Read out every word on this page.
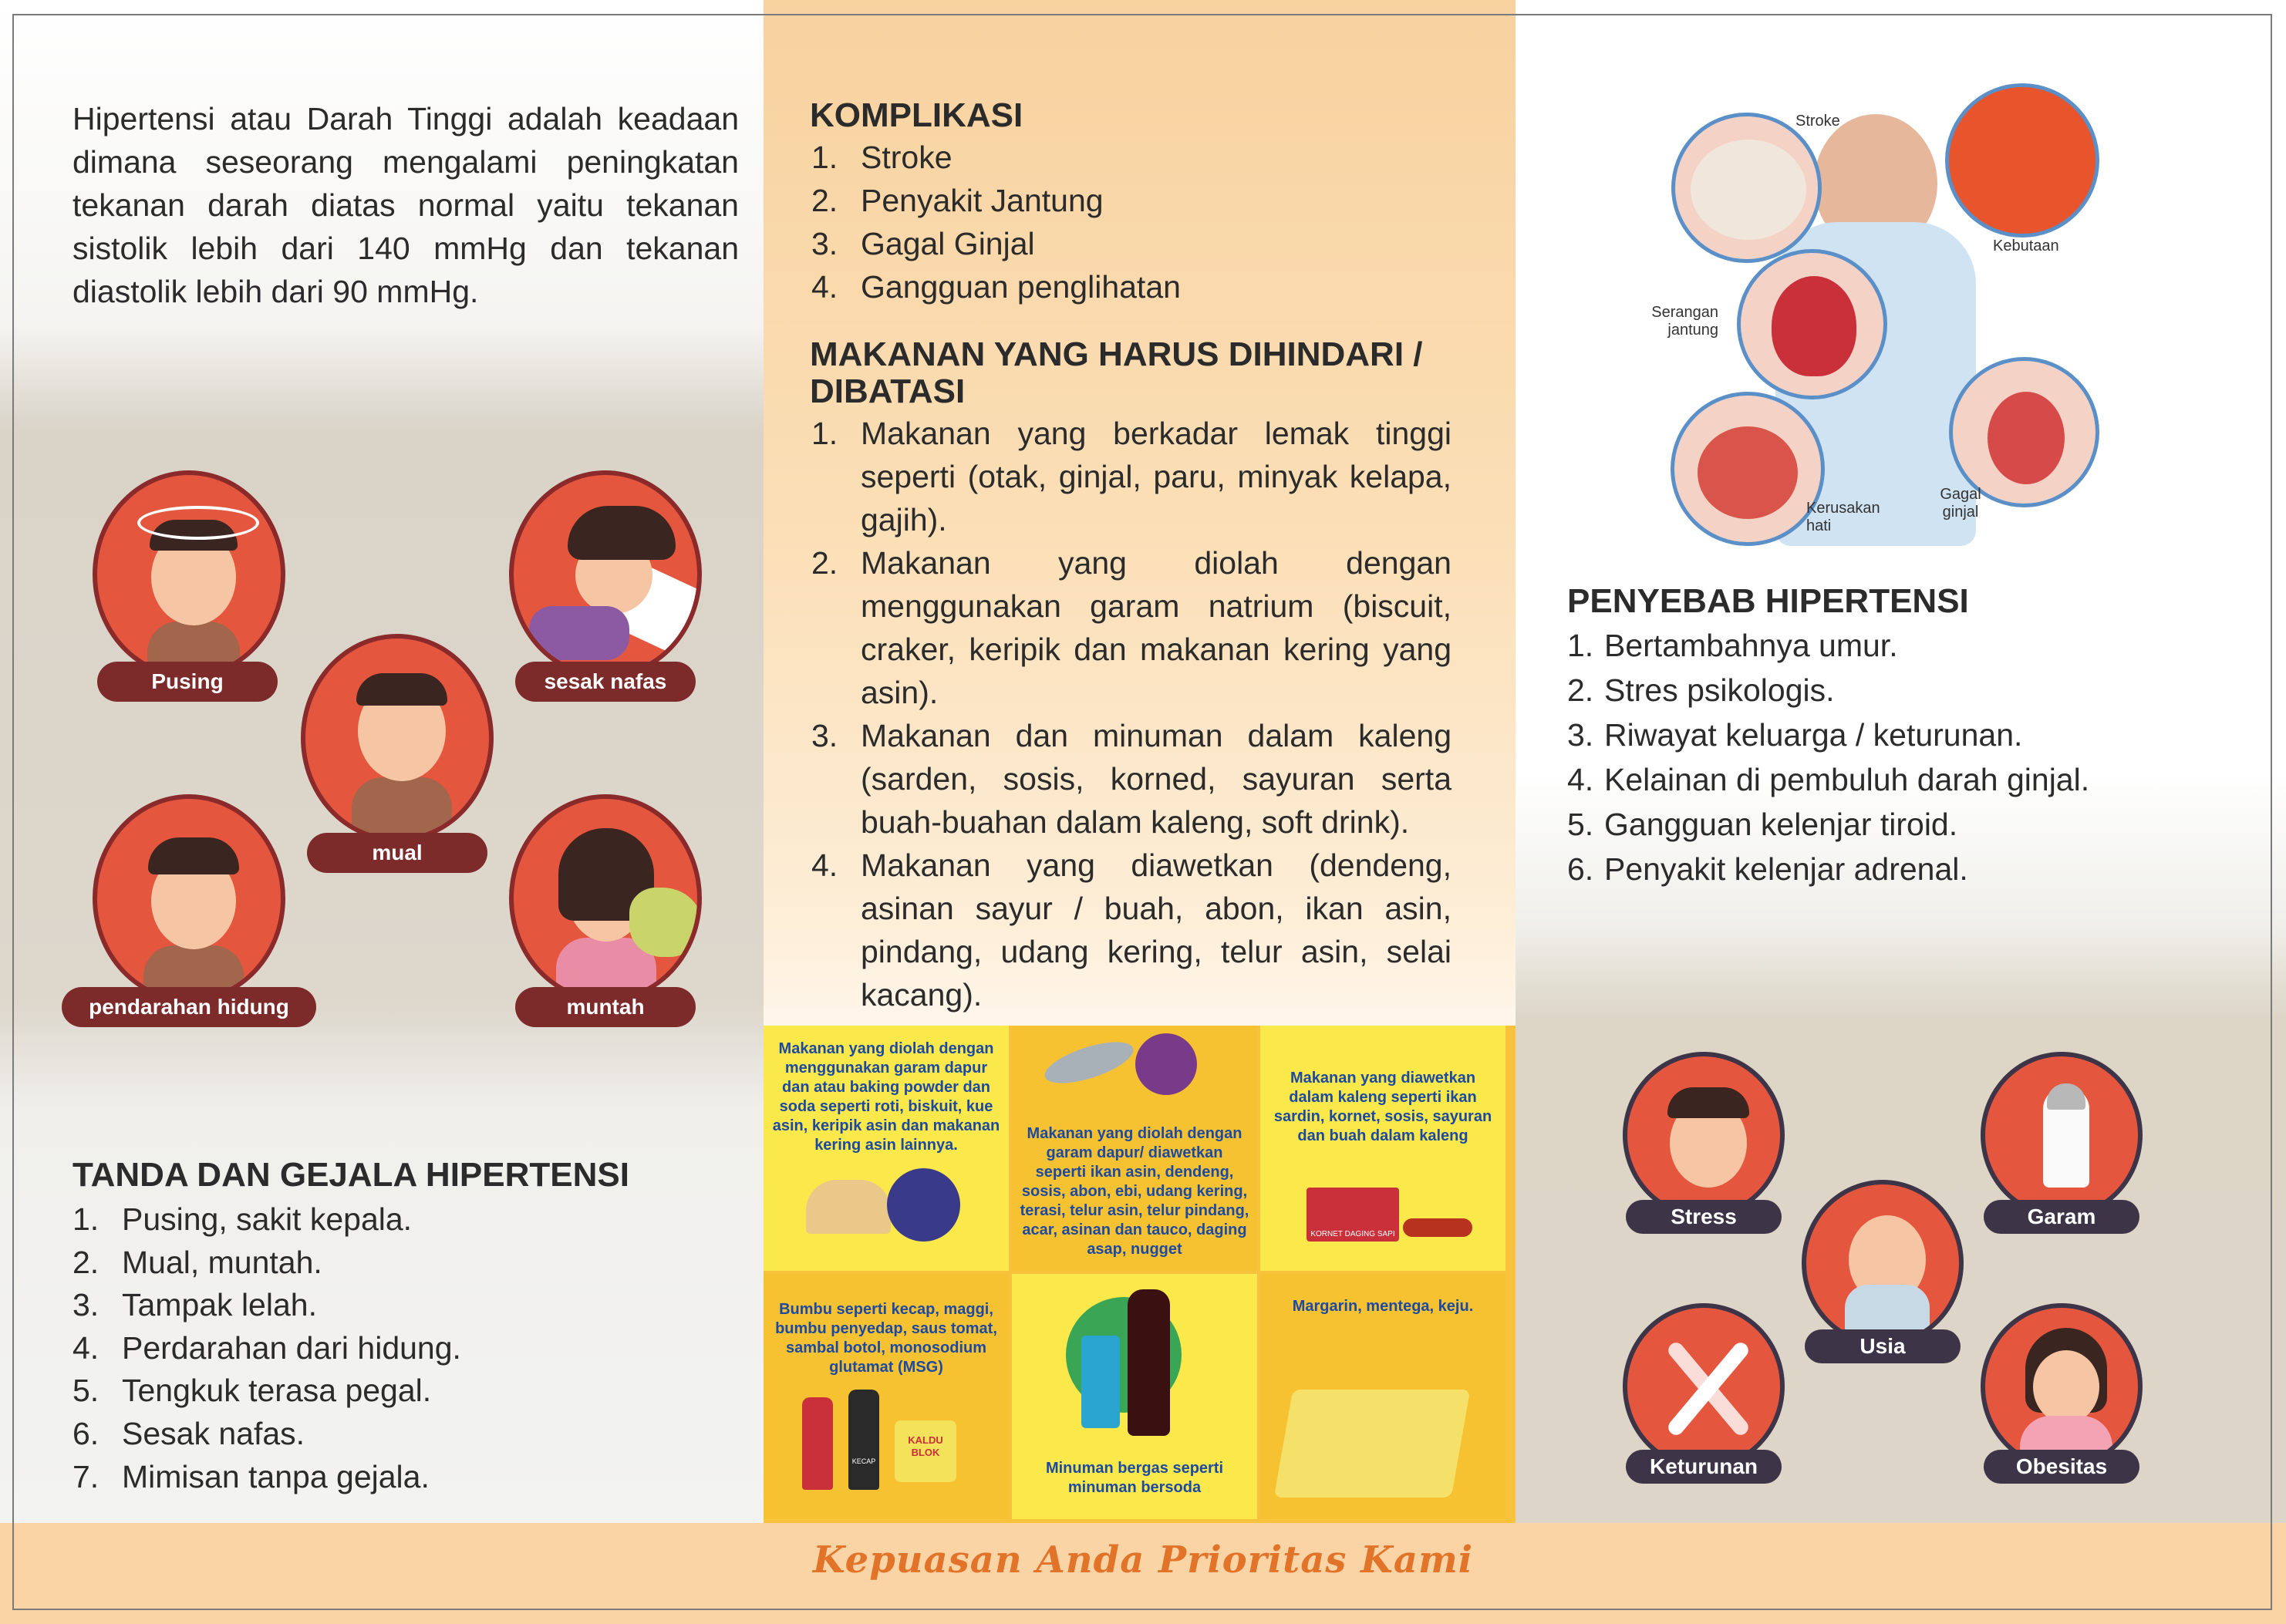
Hipertensi atau Darah Tinggi adalah keadaan dimana seseorang mengalami peningkatan tekanan darah diatas normal yaitu tekanan sistolik lebih dari 140 mmHg dan tekanan diastolik lebih dari 90 mmHg.
Pusing	sesak nafas
mual
pendarahan hidung	muntah
TANDA DAN GEJALA HIPERTENSI
1. Pusing, sakit kepala.
2. Mual, muntah.
3. Tampak lelah.
4. Perdarahan dari hidung.
5. Tengkuk terasa pegal.
6. Sesak nafas.
7. Mimisan tanpa gejala.
KOMPLIKASI
1. Stroke
2. Penyakit Jantung
3. Gagal Ginjal
4. Gangguan penglihatan
MAKANAN YANG HARUS DIHINDARI / DIBATASI
1. Makanan yang berkadar lemak tinggi seperti (otak, ginjal, paru, minyak kelapa, gajih).
2. Makanan yang diolah dengan menggunakan garam natrium (biscuit, craker, keripik dan makanan kering yang asin).
3. Makanan dan minuman dalam kaleng (sarden, sosis, korned, sayuran serta buah-buahan dalam kaleng, soft drink).
4. Makanan yang diawetkan (dendeng, asinan sayur / buah, abon, ikan asin, pindang, udang kering, telur asin, selai kacang).
Makanan yang diolah dengan menggunakan garam dapur dan atau baking powder dan soda seperti roti, biskuit, kue asin, keripik asin dan makanan kering asin lainnya.
Makanan yang diolah dengan garam dapur/ diawetkan seperti ikan asin, dendeng, sosis, abon, ebi, udang kering, terasi, telur asin, telur pindang, acar, asinan dan tauco, daging asap, nugget
Makanan yang diawetkan dalam kaleng seperti ikan sardin, kornet, sosis, sayuran dan buah dalam kaleng
KORNET DAGING SAPI
Bumbu seperti kecap, maggi, bumbu penyedap, saus tomat, sambal botol, monosodium glutamat (MSG)
KECAP
KALDU BLOK
Minuman bergas seperti minuman bersoda
Margarin, mentega, keju.
Stroke
Kebutaan
Serangan jantung
Kerusakan hati
Gagal ginjal
PENYEBAB HIPERTENSI
1. Bertambahnya umur.
2. Stres psikologis.
3. Riwayat keluarga / keturunan.
4. Kelainan di pembuluh darah ginjal.
5. Gangguan kelenjar tiroid.
6. Penyakit kelenjar adrenal.
Stress	Garam
Usia
Keturunan	Obesitas
Kepuasan Anda Prioritas Kami
